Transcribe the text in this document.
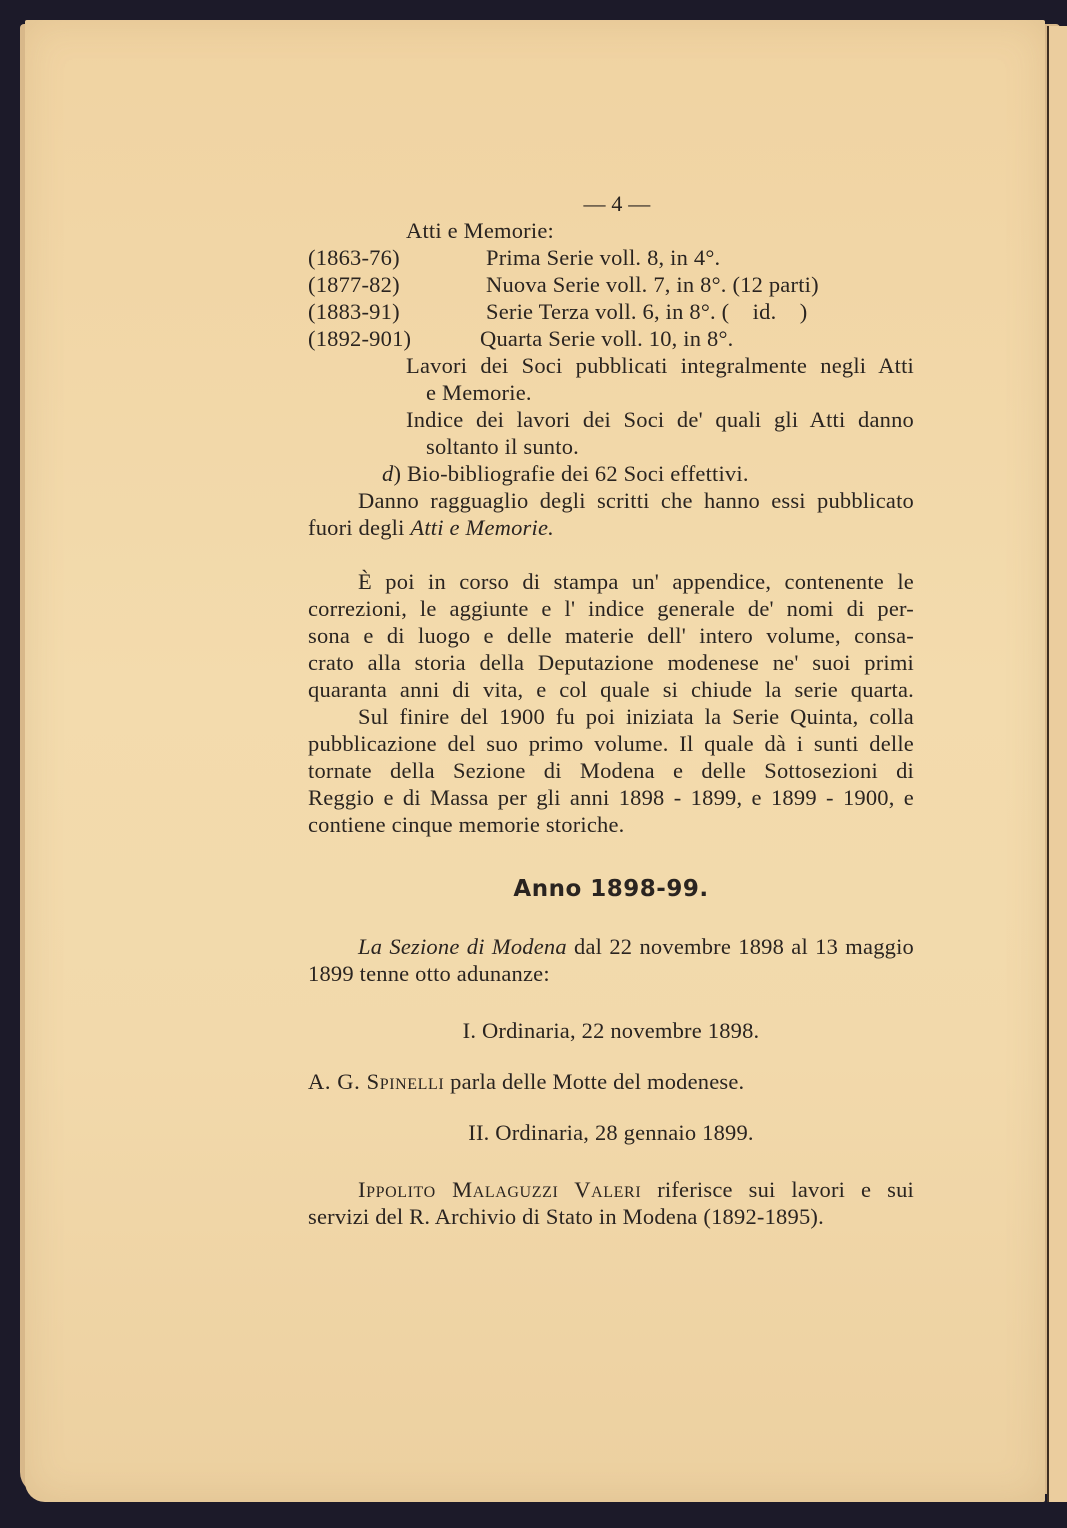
— 4 —
Atti e Memorie:
(1863-76)	Prima Serie voll. 8, in 4°.
(1877-82)	Nuova Serie voll. 7, in 8°. (12 parti)
(1883-91)	Serie Terza voll. 6, in 8°. (    id.    )
(1892-901)	Quarta Serie voll. 10, in 8°.
Lavori dei Soci pubblicati integralmente negli Atti
e Memorie.
Indice dei lavori dei Soci de' quali gli Atti danno
soltanto il sunto.
d) Bio-bibliografie dei 62 Soci effettivi.
Danno ragguaglio degli scritti che hanno essi pubblicato
fuori degli Atti e Memorie.
È poi in corso di stampa un' appendice, contenente le
correzioni, le aggiunte e l' indice generale de' nomi di per-
sona e di luogo e delle materie dell' intero volume, consa-
crato alla storia della Deputazione modenese ne' suoi primi
quaranta anni di vita, e col quale si chiude la serie quarta.
Sul finire del 1900 fu poi iniziata la Serie Quinta, colla
pubblicazione del suo primo volume. Il quale dà i sunti delle
tornate della Sezione di Modena e delle Sottosezioni di
Reggio e di Massa per gli anni 1898 - 1899, e 1899 - 1900, e
contiene cinque memorie storiche.
Anno 1898-99.
La Sezione di Modena dal 22 novembre 1898 al 13 maggio
1899 tenne otto adunanze:
I. Ordinaria, 22 novembre 1898.
A. G. Spinelli parla delle Motte del modenese.
II. Ordinaria, 28 gennaio 1899.
Ippolito Malaguzzi Valeri riferisce sui lavori e sui
servizi del R. Archivio di Stato in Modena (1892-1895).
